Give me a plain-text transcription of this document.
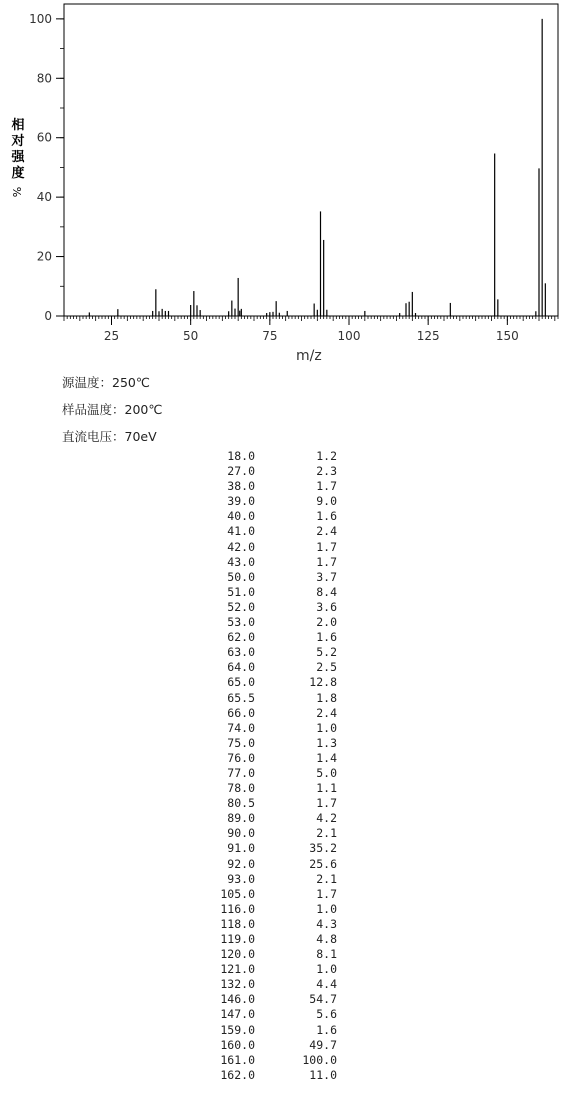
25	50	75	100	125	150
0
20
40
60
80
100
相
对
强
度
%
m/z
源温度：250℃
样品温度：200℃
直流电压：70eV
18.0	1.2
27.0	2.3
38.0	1.7
39.0	9.0
40.0	1.6
41.0	2.4
42.0	1.7
43.0	1.7
50.0	3.7
51.0	8.4
52.0	3.6
53.0	2.0
62.0	1.6
63.0	5.2
64.0	2.5
65.0	12.8
65.5	1.8
66.0	2.4
74.0	1.0
75.0	1.3
76.0	1.4
77.0	5.0
78.0	1.1
80.5	1.7
89.0	4.2
90.0	2.1
91.0	35.2
92.0	25.6
93.0	2.1
105.0	1.7
116.0	1.0
118.0	4.3
119.0	4.8
120.0	8.1
121.0	1.0
132.0	4.4
146.0	54.7
147.0	5.6
159.0	1.6
160.0	49.7
161.0	100.0
162.0	11.0
